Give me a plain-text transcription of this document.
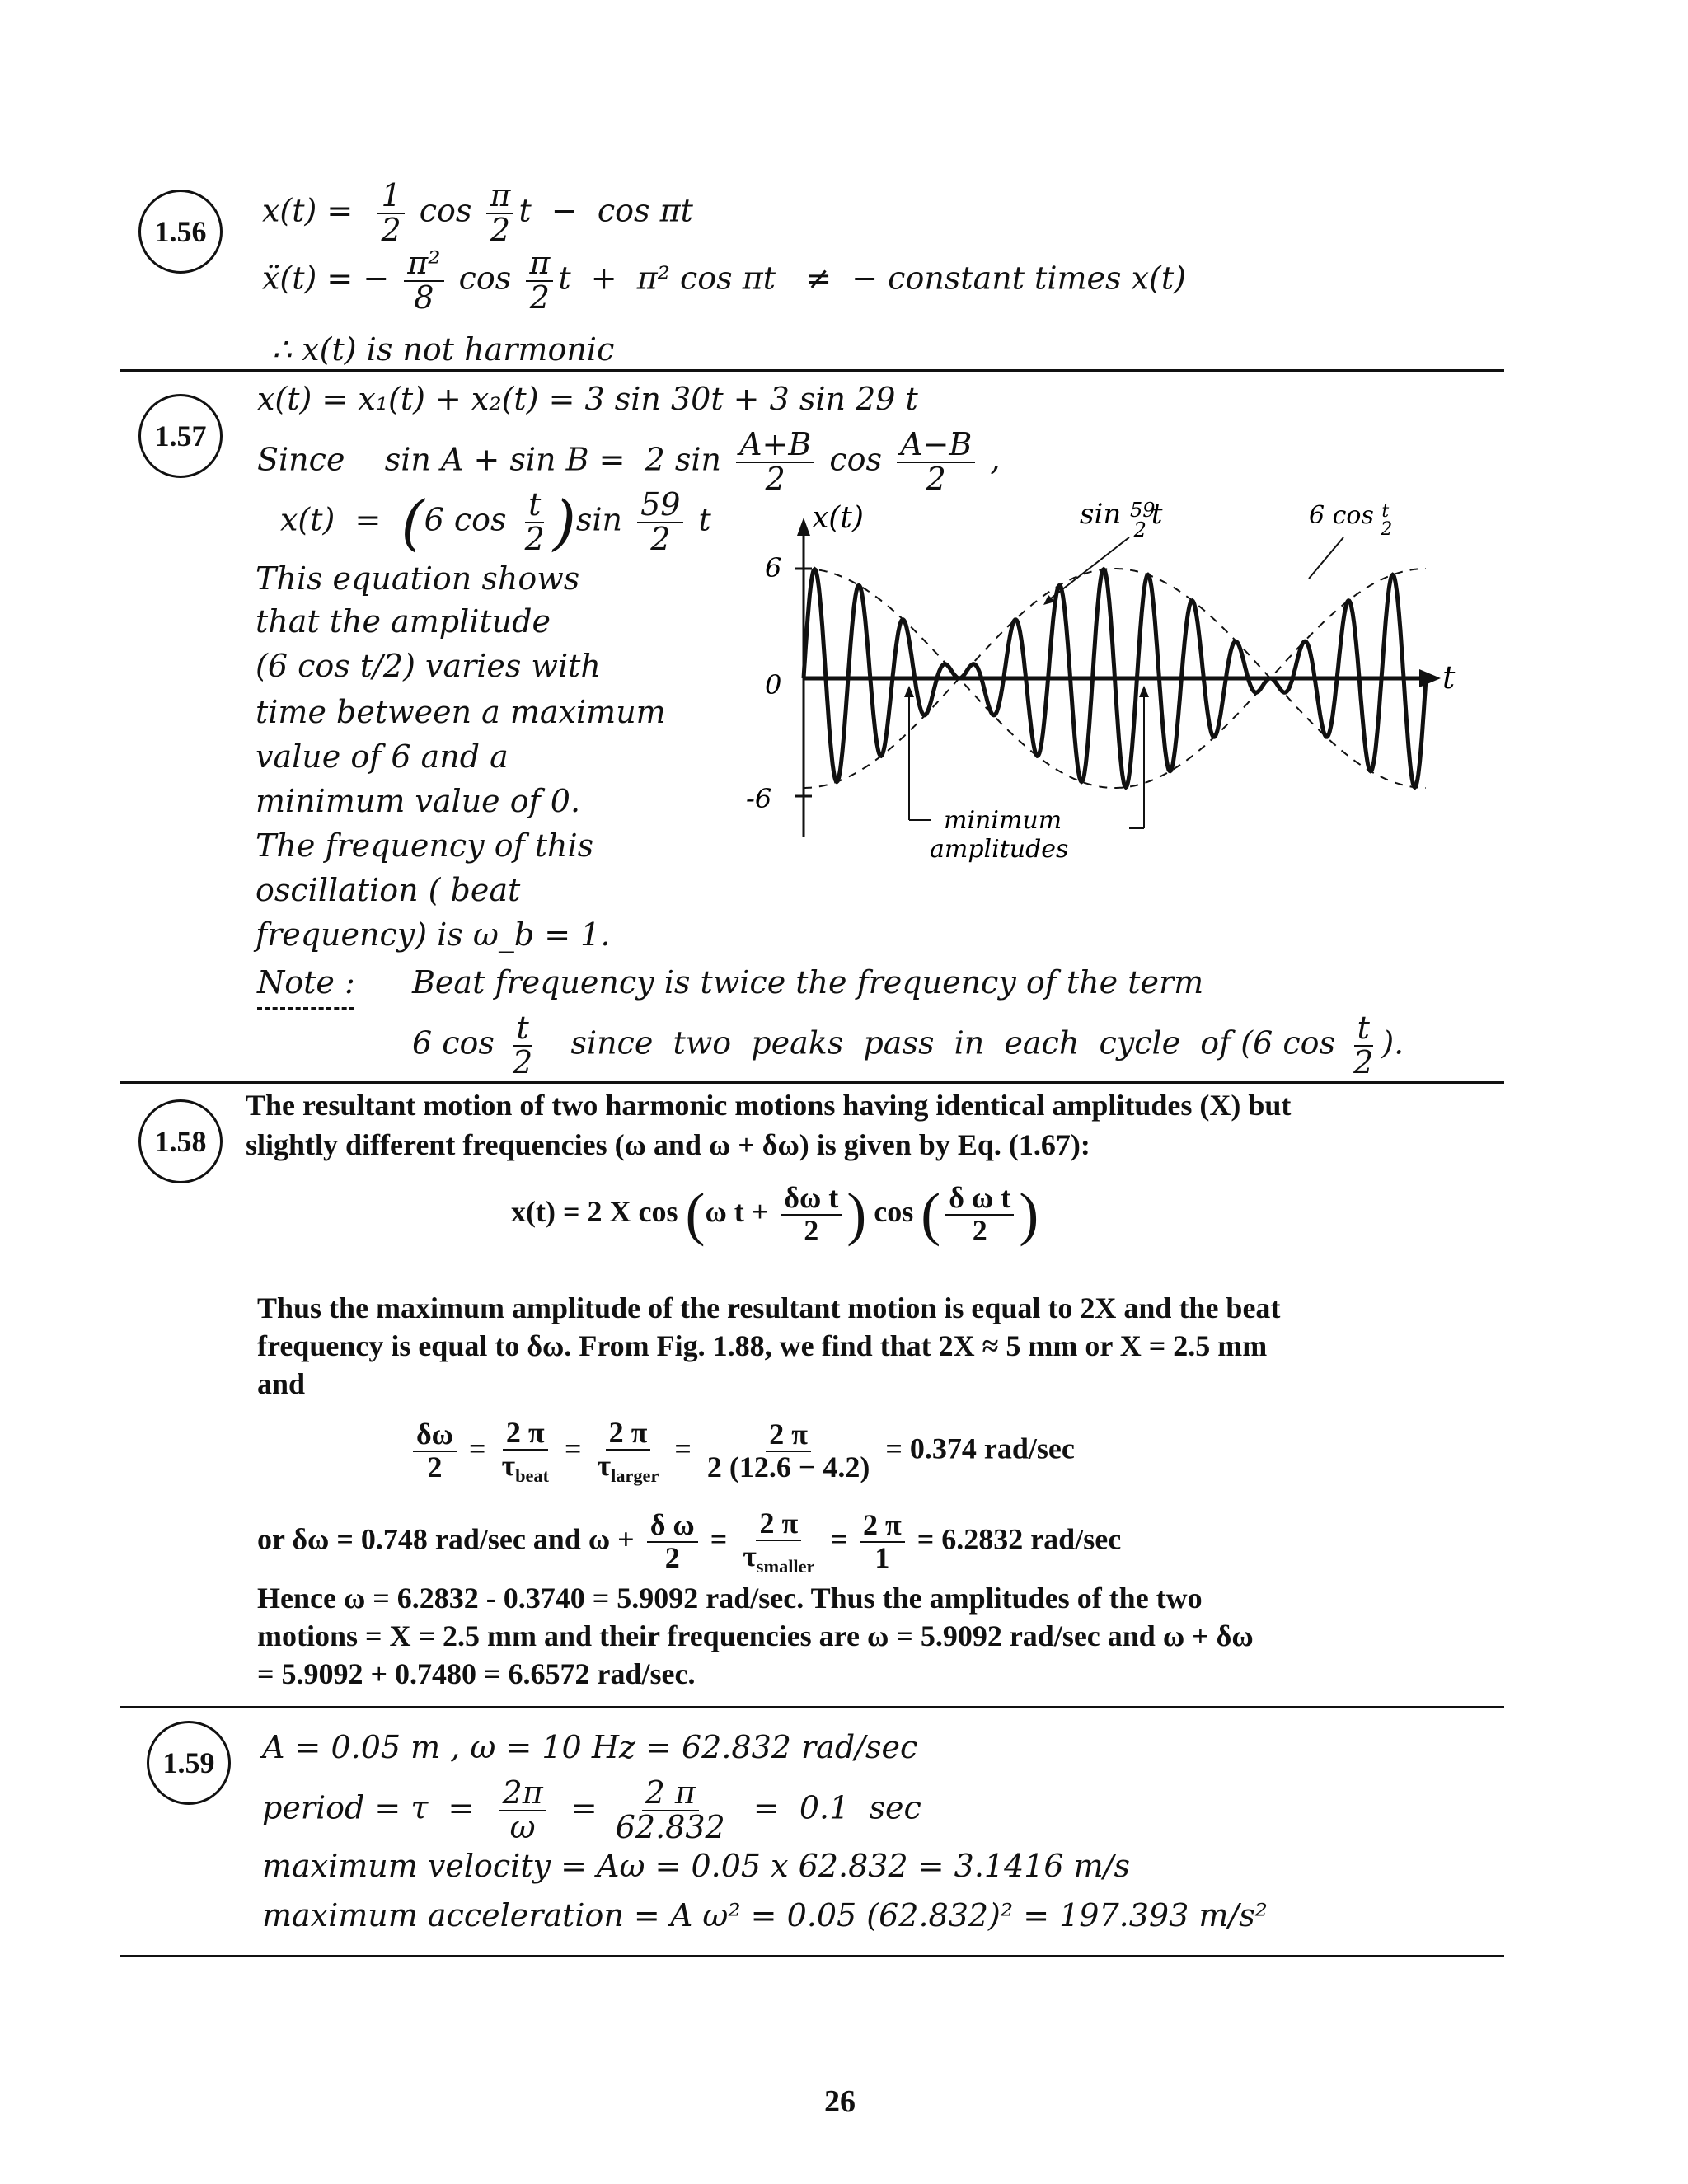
1.56
$x(t) = \frac{1}{2}$ $\cos \frac{\pi}{2}$ t  −  cos πt
ẍ(t) = − $\frac{\text{π²}}{8}$ $\cos \frac{\pi}{2}$ t  +  π² cos πt   ≠  − constant times x(t)
∴ x(t) is not harmonic
1.57
x(t) = x₁(t) + x₂(t) = 3 sin 30t + 3 sin 29 t
Since    sin A + sin B =  2 $\sin \frac{A+B}{2}$ $\cos \frac{A-B}{2}$ ,
x(t)  =  (6 $\cos \frac{t}{2} )\sin \frac{59}{2}$ t
This equation shows
that the amplitude
(6 cos t/2) varies with
time between a maximum
value of 6 and a
minimum value of 0.
The frequency of this
oscillation ( beat
frequency) is ω_b = 1.
x(t)
t
6
0
-6
sin $^{59}$ 2 t	6 cos $^t$ 2
minimum
amplitudes
Note : Beat frequency is twice the frequency of the term
6 $\cos \frac{t}{2}$ since  two  peaks  pass  in  each  cycle  of (6 $\cos \frac{t}{2}$ ).
1.58
The resultant motion of two harmonic motions having identical amplitudes (X) but
slightly different frequencies (ω and ω + δω) is given by Eq. (1.67):
x(t) = 2 X cos (ω $t + \frac{\text{δω t}}{2}$ ) cos ( $\frac{\text{δ ω t}}{2}$ )
Thus the maximum amplitude of the resultant motion is equal to 2X and the beat
frequency is equal to δω. From Fig. 1.88, we find that 2X ≈ 5 mm or X = 2.5 mm
and
$\frac{\delta\omega}{2} = \frac{2 \pi}{\tau_{beat}} = \frac{2 \pi}{\tau_{larger}} = \frac{2 \pi}{2 (12.6 - 4.2)} = 0.374$ rad/sec
or δω = 0.748 rad/sec and $\omega + \frac{\text{δ ω}}{2} = \frac{2 \pi}{\tau_{smaller}} = \frac{2 \pi}{1} = 6.2832$ rad/sec
Hence ω = 6.2832 - 0.3740 = 5.9092 rad/sec. Thus the amplitudes of the two
motions = X = 2.5 mm and their frequencies are ω = 5.9092 rad/sec and ω + δω
= 5.9092 + 0.7480 = 6.6572 rad/sec.
1.59 A = 0.05 m , ω = 10 Hz = 62.832 rad/sec
period = $\tau = \frac{2\pi}{\omega} = \frac{2 \pi}{62.832} = 0.1$  sec
maximum velocity = Aω = 0.05 x 62.832 = 3.1416 m/s
maximum acceleration = A ω² = 0.05 (62.832)² = 197.393 m/s²
26
